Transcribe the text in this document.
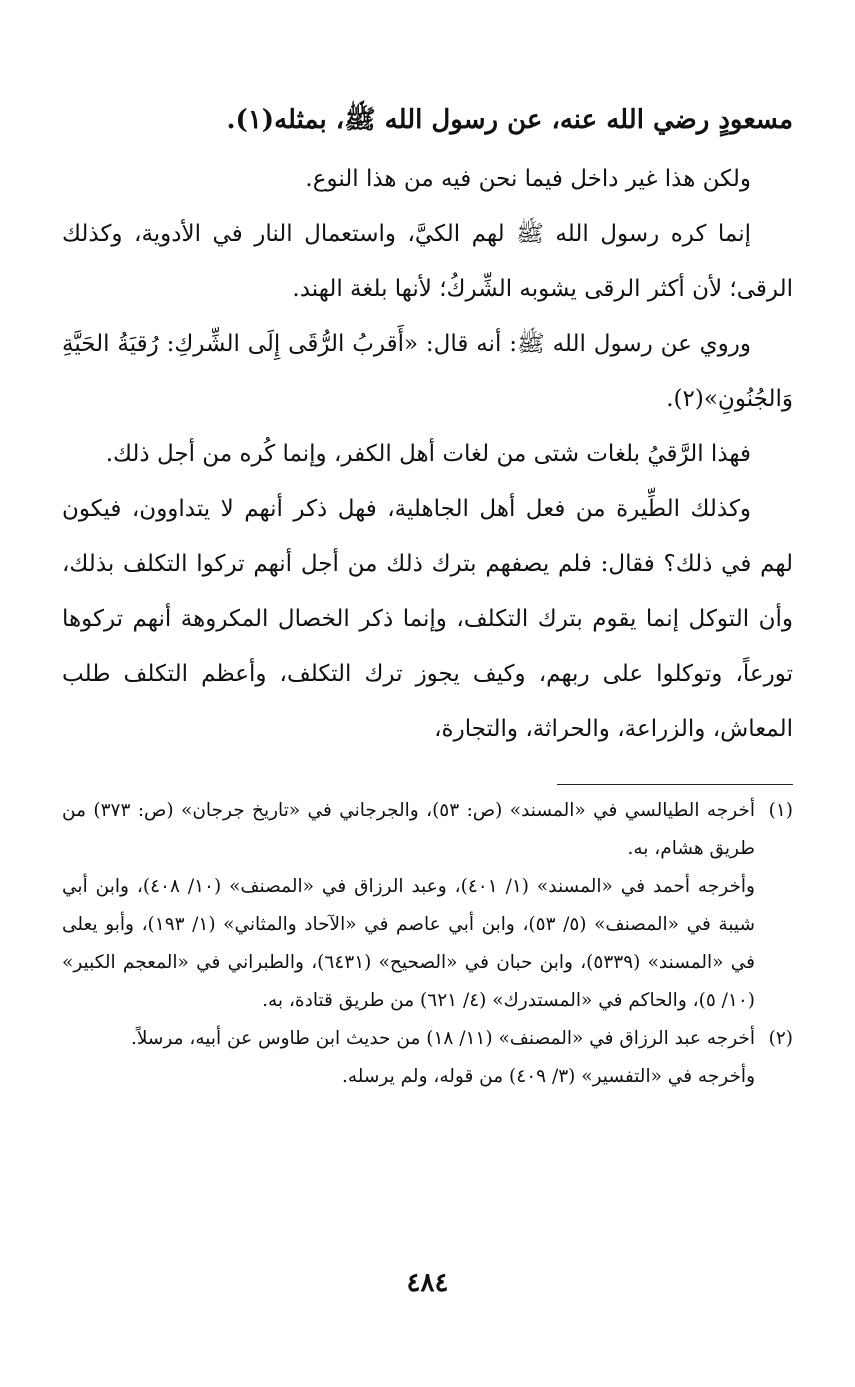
مسعودٍ رضي الله عنه، عن رسول الله ﷺ، بمثله(١).

ولكن هذا غير داخل فيما نحن فيه من هذا النوع.

إنما كره رسول الله ﷺ لهم الكيَّ، واستعمال النار في الأدوية، وكذلك الرقى؛ لأن أكثر الرقى يشوبه الشِّركُ؛ لأنها بلغة الهند.

وروي عن رسول الله ﷺ: أنه قال: «أَقربُ الرُّقَى إِلَى الشِّركِ: رُقيَةُ الحَيَّةِ وَالجُنُونِ»(٢).

فهذا الرَّقيُ بلغات شتى من لغات أهل الكفر، وإنما كُره من أجل ذلك.

وكذلك الطِّيرة من فعل أهل الجاهلية، فهل ذكر أنهم لا يتداوون، فيكون لهم في ذلك؟ فقال: فلم يصفهم بترك ذلك من أجل أنهم تركوا التكلف بذلك، وأن التوكل إنما يقوم بترك التكلف، وإنما ذكر الخصال المكروهة أنهم تركوها تورعاً، وتوكلوا على ربهم، وكيف يجوز ترك التكلف، وأعظم التكلف طلب المعاش، والزراعة، والحراثة، والتجارة،

(١)

أخرجه الطيالسي في «المسند» (ص: ٥٣)، والجرجاني في «تاريخ جرجان» (ص: ٣٧٣) من طريق هشام، به.

وأخرجه أحمد في «المسند» (١/ ٤٠١)، وعبد الرزاق في «المصنف» (١٠/ ٤٠٨)، وابن أبي شيبة في «المصنف» (٥/ ٥٣)، وابن أبي عاصم في «الآحاد والمثاني» (١/ ١٩٣)، وأبو يعلى في «المسند» (٥٣٣٩)، وابن حبان في «الصحيح» (٦٤٣١)، والطبراني في «المعجم الكبير» (١٠/ ٥)، والحاكم في «المستدرك» (٤/ ٦٢١) من طريق قتادة، به.

(٢)

أخرجه عبد الرزاق في «المصنف» (١١/ ١٨) من حديث ابن طاوس عن أبيه، مرسلاً.

وأخرجه في «التفسير» (٣/ ٤٠٩) من قوله، ولم يرسله.

٤٨٤
